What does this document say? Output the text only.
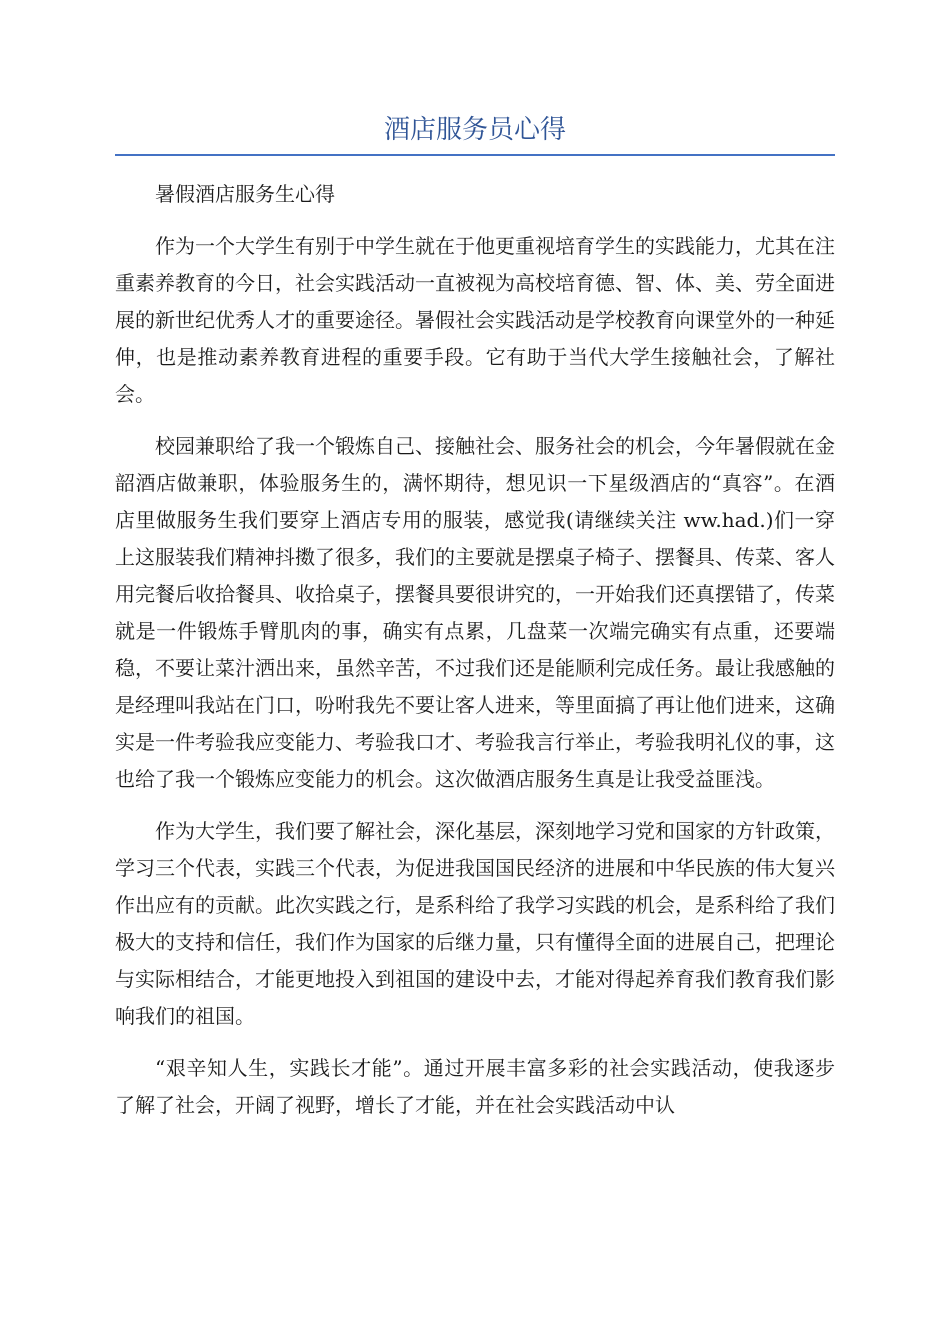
酒店服务员心得

暑假酒店服务生心得

作为一个大学生有别于中学生就在于他更重视培育学生的实践能力，尤其在注重素养教育的今日，社会实践活动一直被视为高校培育德、智、体、美、劳全面进展的新世纪优秀人才的重要途径。暑假社会实践活动是学校教育向课堂外的一种延伸，也是推动素养教育进程的重要手段。它有助于当代大学生接触社会，了解社会。

校园兼职给了我一个锻炼自己、接触社会、服务社会的机会，今年暑假就在金韶酒店做兼职，体验服务生的，满怀期待，想见识一下星级酒店的“真容”。在酒店里做服务生我们要穿上酒店专用的服装，感觉我(请继续关注 ww.had.)们一穿上这服装我们精神抖擞了很多，我们的主要就是摆桌子椅子、摆餐具、传菜、客人用完餐后收拾餐具、收拾桌子，摆餐具要很讲究的，一开始我们还真摆错了，传菜就是一件锻炼手臂肌肉的事，确实有点累，几盘菜一次端完确实有点重，还要端稳，不要让菜汁洒出来，虽然辛苦，不过我们还是能顺利完成任务。最让我感触的是经理叫我站在门口，吩咐我先不要让客人进来，等里面搞了再让他们进来，这确实是一件考验我应变能力、考验我口才、考验我言行举止，考验我明礼仪的事，这也给了我一个锻炼应变能力的机会。这次做酒店服务生真是让我受益匪浅。

作为大学生，我们要了解社会，深化基层，深刻地学习党和国家的方针政策，学习三个代表，实践三个代表，为促进我国国民经济的进展和中华民族的伟大复兴作出应有的贡献。此次实践之行，是系科给了我学习实践的机会，是系科给了我们极大的支持和信任，我们作为国家的后继力量，只有懂得全面的进展自己，把理论与实际相结合，才能更地投入到祖国的建设中去，才能对得起养育我们教育我们影响我们的祖国。

“艰辛知人生，实践长才能”。通过开展丰富多彩的社会实践活动，使我逐步了解了社会，开阔了视野，增长了才能，并在社会实践活动中认
